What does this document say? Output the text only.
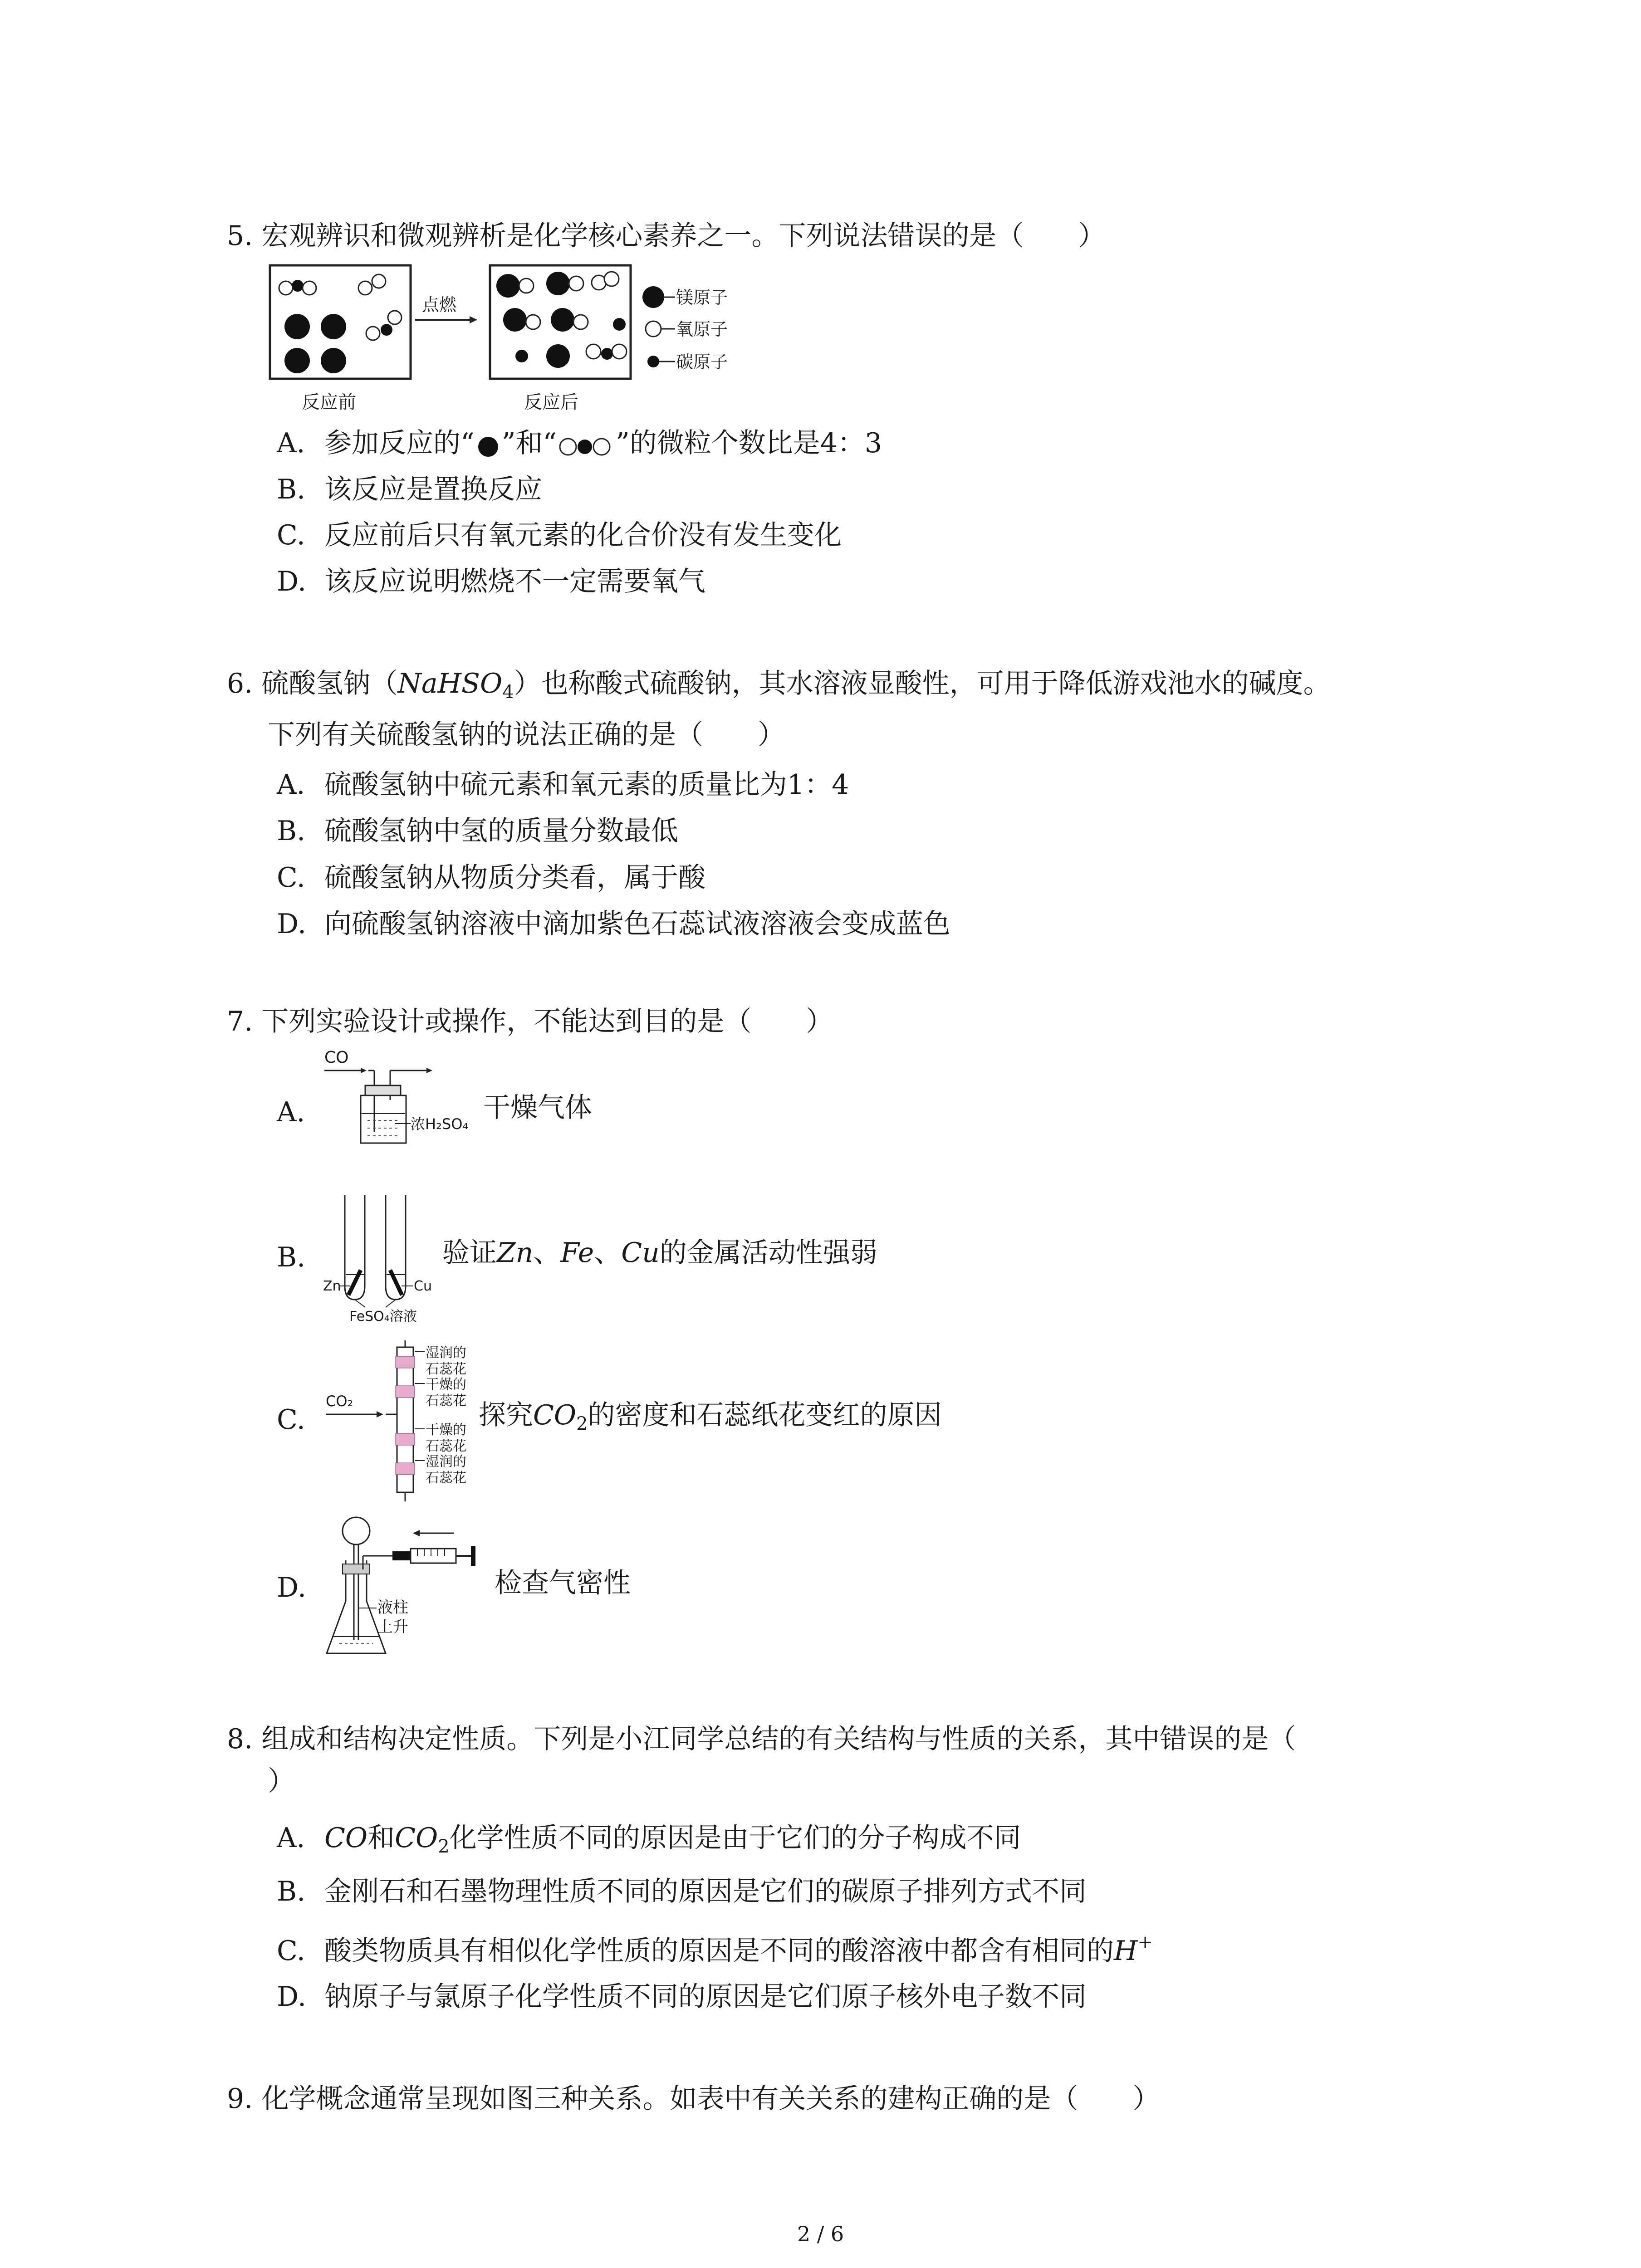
5. 宏观辨识和微观辨析是化学核心素养之一。下列说法错误的是（　　）
点燃	镁原子
氧原子
碳原子
反应前	反应后
A. 参加反应的“ ”和“ ”的微粒个数比是4：3
B. 该反应是置换反应
C. 反应前后只有氧元素的化合价没有发生变化
D. 该反应说明燃烧不一定需要氧气
6. 硫酸氢钠（NaHSO$_4$）也称酸式硫酸钠，其水溶液显酸性，可用于降低游戏池水的碱度。
下列有关硫酸氢钠的说法正确的是（　　）
A. 硫酸氢钠中硫元素和氧元素的质量比为1：4
B. 硫酸氢钠中氢的质量分数最低
C. 硫酸氢钠从物质分类看，属于酸
D. 向硫酸氢钠溶液中滴加紫色石蕊试液溶液会变成蓝色
7. 下列实验设计或操作，不能达到目的是（　　）
A.
CO
浓H₂SO₄
干燥气体
B.
Zn	Cu
FeSO₄溶液
验证Zn、Fe、Cu的金属活动性强弱
C.
CO₂
湿润的
石蕊花
干燥的
石蕊花
干燥的
石蕊花
湿润的
石蕊花
探究$CO_2$的密度和石蕊纸花变红的原因
D.
液柱
上升
检查气密性
8. 组成和结构决定性质。下列是小江同学总结的有关结构与性质的关系，其中错误的是（
）
A. CO和$CO_2$化学性质不同的原因是由于它们的分子构成不同
B. 金刚石和石墨物理性质不同的原因是它们的碳原子排列方式不同
C. 酸类物质具有相似化学性质的原因是不同的酸溶液中都含有相同的H+
D. 钠原子与氯原子化学性质不同的原因是它们原子核外电子数不同
9. 化学概念通常呈现如图三种关系。如表中有关关系的建构正确的是（　　）
2 / 6
